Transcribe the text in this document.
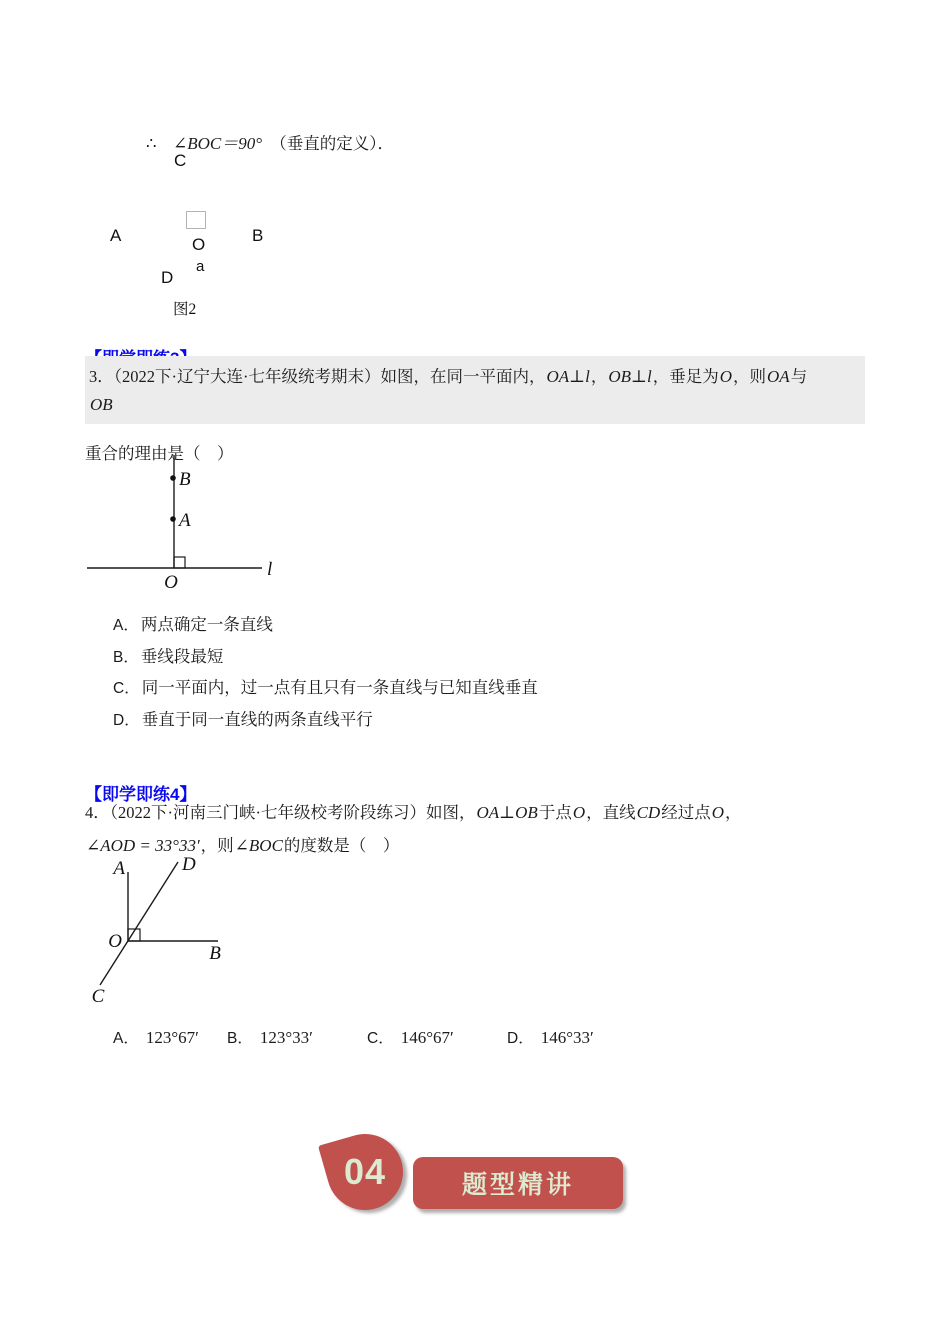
∴　∠BOC＝90°　（垂直的定义）．

C
A	B
O
a
D
图2
3．（2022下·辽宁大连·七年级统考期末）如图，在同一平面内，OA⊥l，OB⊥l，垂足为O，则OA与
OB

重合的理由是（　）

B
A
O
l
A． 两点确定一条直线
B． 垂线段最短
C． 同一平面内，过一点有且只有一条直线与已知直线垂直
D． 垂直于同一直线的两条直线平行
【即学即练4】
4．（2022下·河南三门峡·七年级校考阶段练习）如图，OA⊥OB于点O，直线CD经过点O，
∠AOD = 33°33′，则∠BOC的度数是（　）
A	D
O
B
C
A． 123°67′ B． 123°33′	C． 146°67′	D． 146°33′
04	题型精讲
